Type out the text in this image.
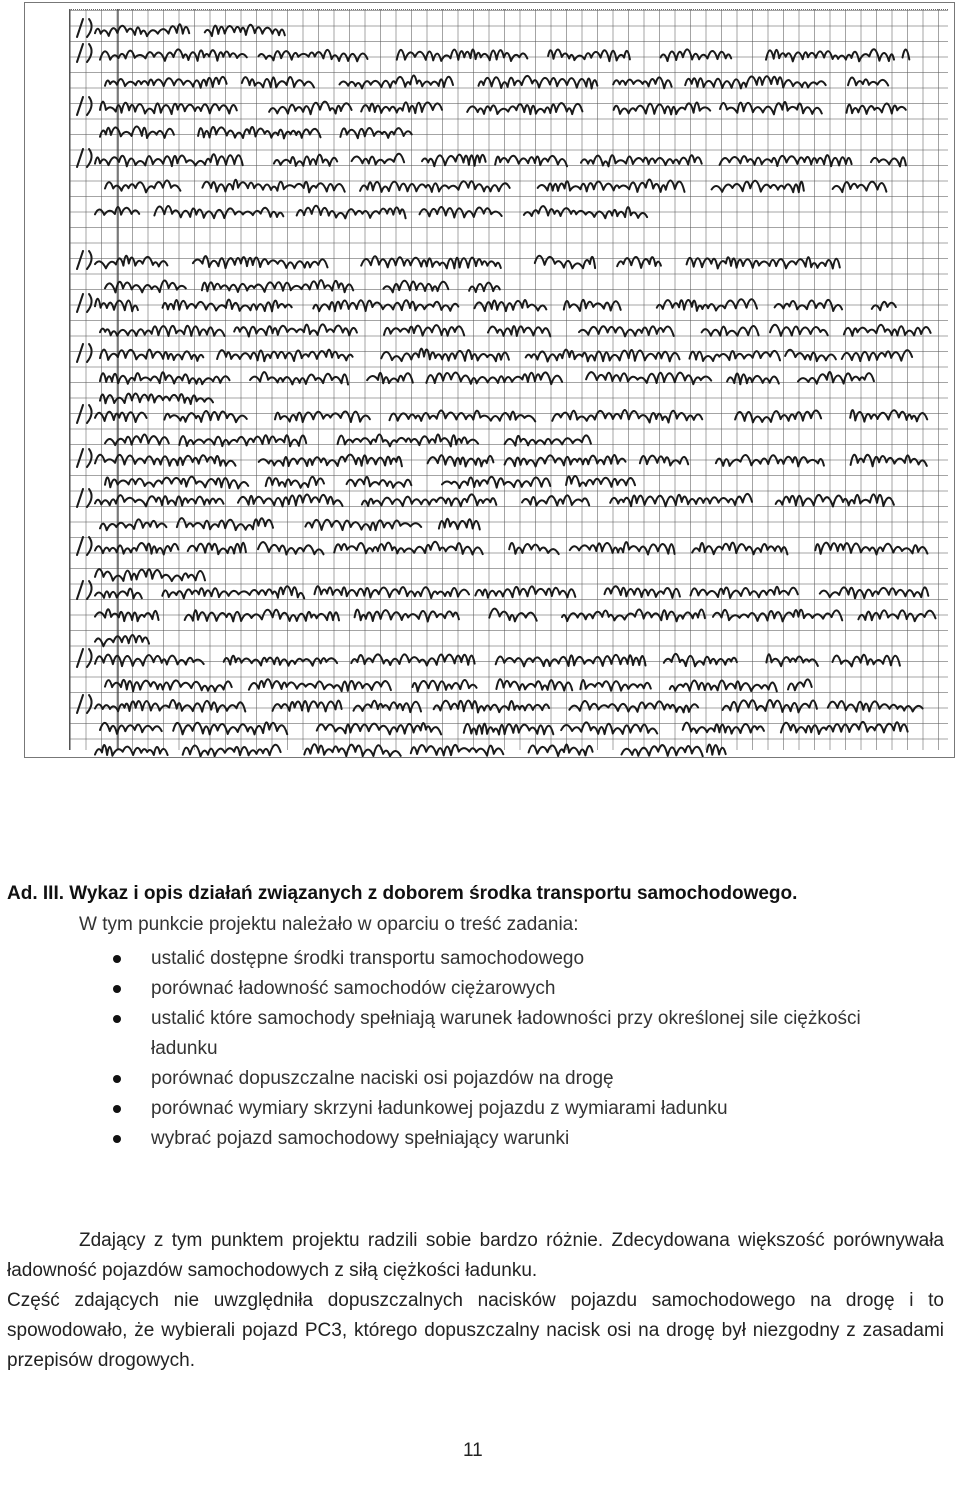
Ad. III. Wykaz i opis działań związanych z doborem środka transportu samochodowego.
W tym punkcie projektu należało w oparciu o treść zadania:
ustalić dostępne środki transportu samochodowego
porównać ładowność samochodów ciężarowych
ustalić które samochody spełniają warunek ładowności przy określonej sile ciężkości ładunku
porównać dopuszczalne naciski osi pojazdów na drogę
porównać wymiary skrzyni ładunkowej pojazdu z wymiarami ładunku
wybrać pojazd samochodowy spełniający warunki

Zdający z tym punktem projektu radzili sobie bardzo różnie. Zdecydowana większość porównywała ładowność pojazdów samochodowych z siłą ciężkości ładunku.

Część zdających nie uwzględniła dopuszczalnych nacisków pojazdu samochodowego na drogę i to spowodowało, że wybierali pojazd PC3, którego dopuszczalny nacisk osi na drogę był niezgodny z zasadami przepisów drogowych.

11
